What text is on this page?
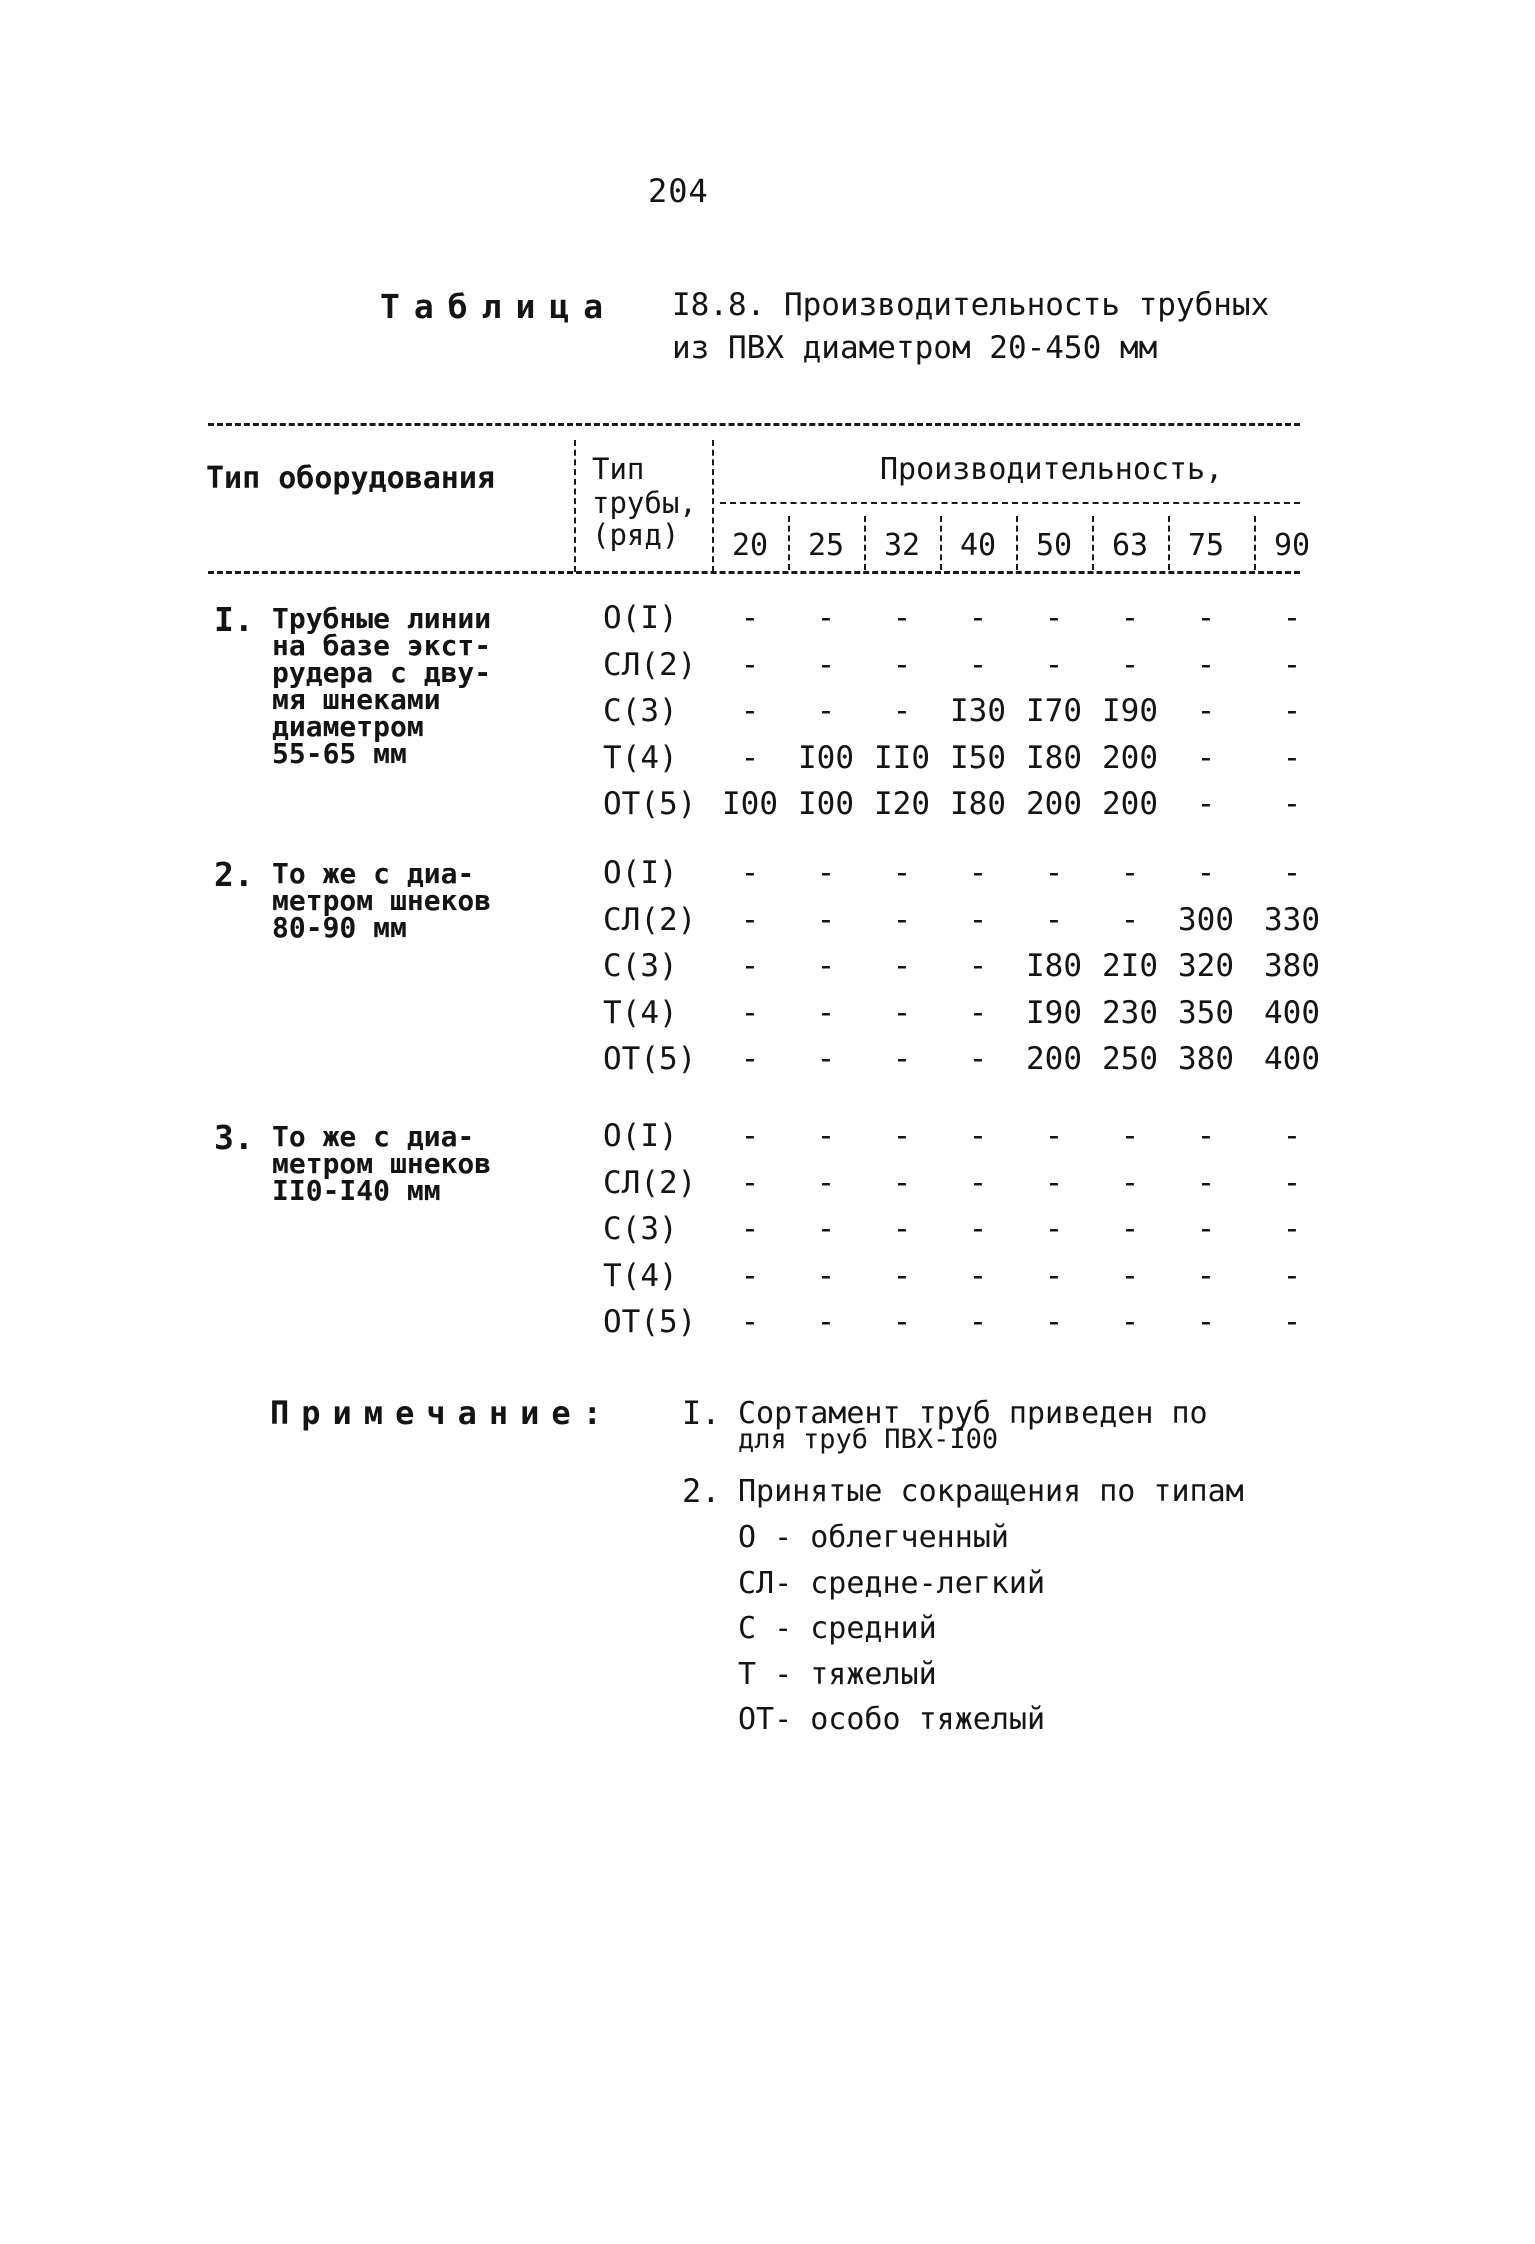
204
Таблица I8.8. Производительность трубных
из ПВХ диаметром 20-450 мм
Тип оборудования	Тип
трубы,
(ряд)
Производительность,
20	25	32	40	50	63	75	90
I. Трубные линии
на базе экст-
рудера с дву-
мя шнеками
диаметром
55-65 мм
O(I)	-	-	-	-	-	-	-	-
СЛ(2)	-	-	-	-	-	-	-	-
С(3)	-	-	-	I30 I70 I90	-	-
Т(4)	-	I00 II0 I50 I80 200	-	-
ОТ(5) I00 I00 I20 I80 200 200	-	-
2. То же с диа-
метром шнеков
80-90 мм
O(I)	-	-	-	-	-	-	-	-
СЛ(2)	-	-	-	-	-	-	300 330
С(3)	-	-	-	-	I80 2I0 320 380
Т(4)	-	-	-	-	I90 230 350 400
ОТ(5)	-	-	-	-	200 250 380 400
3. То же с диа-
метром шнеков
II0-I40 мм
O(I)	-	-	-	-	-	-	-	-
СЛ(2)	-	-	-	-	-	-	-	-
С(3)	-	-	-	-	-	-	-	-
Т(4)	-	-	-	-	-	-	-	-
ОТ(5)	-	-	-	-	-	-	-	-
Примечание: I. Сортамент труб приведен по
для труб ПВХ-I00
2. Принятые сокращения по типам
O - облегченный
СЛ- средне-легкий
С - средний
Т - тяжелый
ОТ- особо тяжелый
